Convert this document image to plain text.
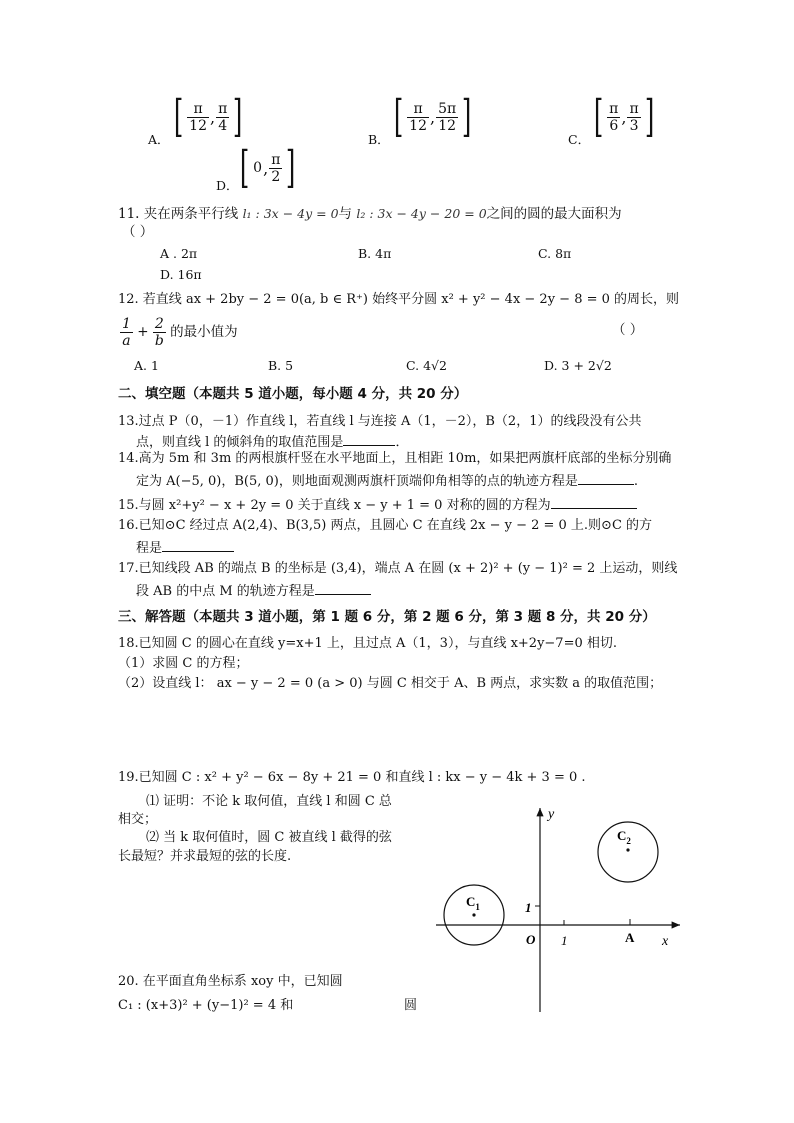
A． [ $\frac{\pi}{12}$ , $\frac{\pi}{4}$ ]	B． [ $\frac{\pi}{12}$ , $\frac{5\pi}{12}$ ]	C． [ $\frac{\pi}{6}$ , $\frac{\pi}{3}$ ]
D． [ 0 , $\frac{\pi}{2}$ ]
11. 夹在两条平行线 l₁ : 3x − 4y = 0与 l₂ : 3x − 4y − 20 = 0之间的圆的最大面积为
（ ）
A . 2π	B. 4π	C. 8π
D. 16π
12. 若直线 ax + 2by − 2 = 0(a, b ∈ R⁺) 始终平分圆 x² + y² − 4x − 2y − 8 = 0 的周长，则
$\frac{1}{a} + \frac{2}{b}$ 的最小值为	（ ）
A. 1	B. 5	C. 4√2	D. 3 + 2√2
二、填空题（本题共 5 道小题，每小题 4 分，共 20 分）
13.过点 P（0，－1）作直线 l，若直线 l 与连接 A（1，－2），B（2，1）的线段没有公共
点，则直线 l 的倾斜角的取值范围是	．
14.高为 5m 和 3m 的两根旗杆竖在水平地面上，且相距 10m，如果把两旗杆底部的坐标分别确
定为 A(−5, 0)，B(5, 0)，则地面观测两旗杆顶端仰角相等的点的轨迹方程是	.
15.与圆 x²+y² − x + 2y = 0 关于直线 x − y + 1 = 0 对称的圆的方程为
16.已知⊙C 经过点 A(2,4)、B(3,5) 两点，且圆心 C 在直线 2x − y − 2 = 0 上.则⊙C 的方
程是
17.已知线段 AB 的端点 B 的坐标是 (3,4)，端点 A 在圆 (x + 2)² + (y − 1)² = 2 上运动，则线
段 AB 的中点 M 的轨迹方程是
三、解答题（本题共 3 道小题，第 1 题 6 分，第 2 题 6 分，第 3 题 8 分，共 20 分）
18.已知圆 C 的圆心在直线 y=x+1 上，且过点 A（1，3），与直线 x+2y−7=0 相切.
（1）求圆 C 的方程；
（2）设直线 l： ax − y − 2 = 0 (a > 0) 与圆 C 相交于 A、B 两点，求实数 a 的取值范围；
19.已知圆 C : x² + y² − 6x − 8y + 21 = 0 和直线 l : kx − y − 4k + 3 = 0 .
⑴ 证明：不论 k 取何值，直线 l 和圆 C 总
相交；
⑵ 当 k 取何值时，圆 C 被直线 l 截得的弦
长最短？并求最短的弦的长度.
20. 在平面直角坐标系 xoy 中，已知圆
C₁ : (x+3)² + (y−1)² = 4 和	圆
y
x
O 1
1
$C_1$
$C_2$
A
